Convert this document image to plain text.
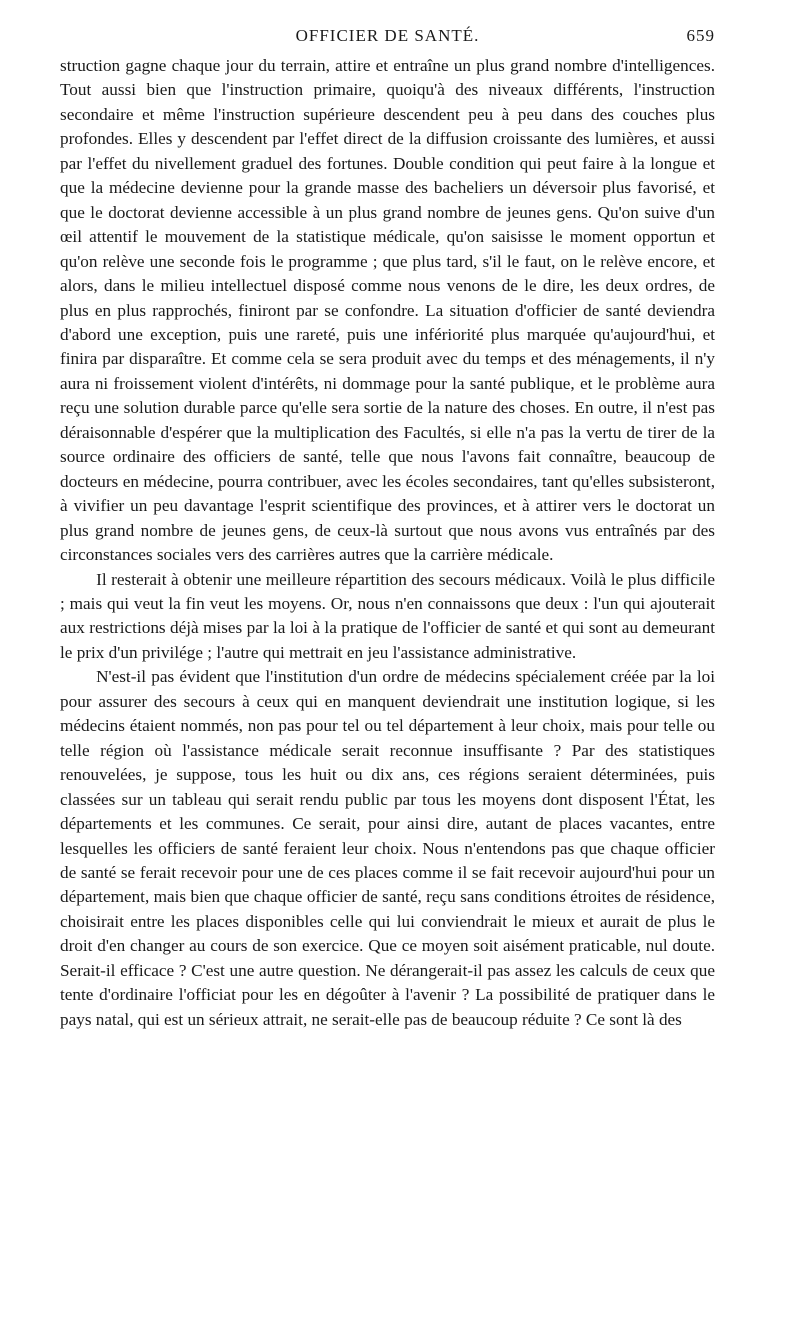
OFFICIER DE SANTÉ.	659

struction gagne chaque jour du terrain, attire et entraîne un plus grand nombre d'intelligences. Tout aussi bien que l'instruction primaire, quoiqu'à des niveaux différents, l'instruction secondaire et même l'instruction supérieure descendent peu à peu dans des couches plus profondes. Elles y descendent par l'effet direct de la diffusion croissante des lumières, et aussi par l'effet du nivellement graduel des fortunes. Double condition qui peut faire à la longue et que la médecine devienne pour la grande masse des bacheliers un déversoir plus favorisé, et que le doctorat devienne accessible à un plus grand nombre de jeunes gens. Qu'on suive d'un œil attentif le mouvement de la statistique médicale, qu'on saisisse le moment opportun et qu'on relève une seconde fois le programme ; que plus tard, s'il le faut, on le relève encore, et alors, dans le milieu intellectuel disposé comme nous venons de le dire, les deux ordres, de plus en plus rapprochés, finiront par se confondre. La situation d'officier de santé deviendra d'abord une exception, puis une rareté, puis une infériorité plus marquée qu'aujourd'hui, et finira par disparaître. Et comme cela se sera produit avec du temps et des ménagements, il n'y aura ni froissement violent d'intérêts, ni dommage pour la santé publique, et le problème aura reçu une solution durable parce qu'elle sera sortie de la nature des choses. En outre, il n'est pas déraisonnable d'espérer que la multiplication des Facultés, si elle n'a pas la vertu de tirer de la source ordinaire des officiers de santé, telle que nous l'avons fait connaître, beaucoup de docteurs en médecine, pourra contribuer, avec les écoles secondaires, tant qu'elles subsisteront, à vivifier un peu davantage l'esprit scientifique des provinces, et à attirer vers le doctorat un plus grand nombre de jeunes gens, de ceux-là surtout que nous avons vus entraînés par des circonstances sociales vers des carrières autres que la carrière médicale.

Il resterait à obtenir une meilleure répartition des secours médicaux. Voilà le plus difficile ; mais qui veut la fin veut les moyens. Or, nous n'en connaissons que deux : l'un qui ajouterait aux restrictions déjà mises par la loi à la pratique de l'officier de santé et qui sont au demeurant le prix d'un privilége ; l'autre qui mettrait en jeu l'assistance administrative.

N'est-il pas évident que l'institution d'un ordre de médecins spécialement créée par la loi pour assurer des secours à ceux qui en manquent deviendrait une institution logique, si les médecins étaient nommés, non pas pour tel ou tel département à leur choix, mais pour telle ou telle région où l'assistance médicale serait reconnue insuffisante ? Par des statistiques renouvelées, je suppose, tous les huit ou dix ans, ces régions seraient déterminées, puis classées sur un tableau qui serait rendu public par tous les moyens dont disposent l'État, les départements et les communes. Ce serait, pour ainsi dire, autant de places vacantes, entre lesquelles les officiers de santé feraient leur choix. Nous n'entendons pas que chaque officier de santé se ferait recevoir pour une de ces places comme il se fait recevoir aujourd'hui pour un département, mais bien que chaque officier de santé, reçu sans conditions étroites de résidence, choisirait entre les places disponibles celle qui lui conviendrait le mieux et aurait de plus le droit d'en changer au cours de son exercice. Que ce moyen soit aisément praticable, nul doute. Serait-il efficace ? C'est une autre question. Ne dérangerait-il pas assez les calculs de ceux que tente d'ordinaire l'officiat pour les en dégoûter à l'avenir ? La possibilité de pratiquer dans le pays natal, qui est un sérieux attrait, ne serait-elle pas de beaucoup réduite ? Ce sont là des
